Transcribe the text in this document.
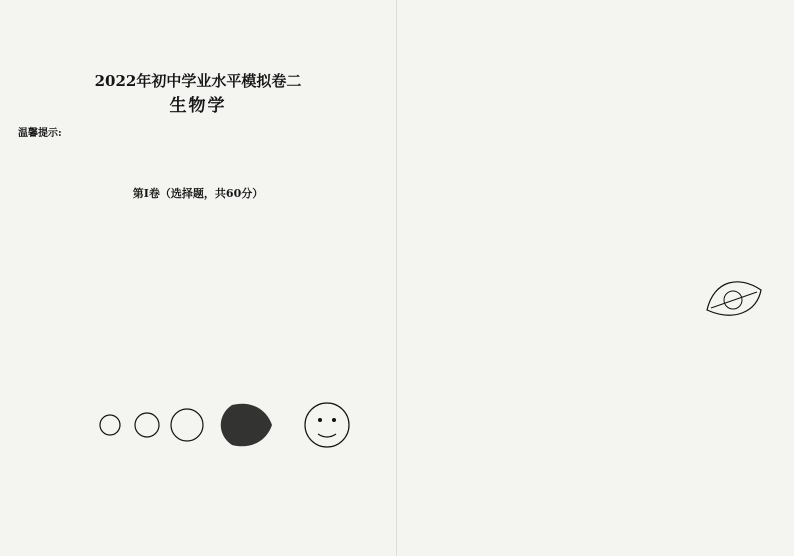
2022年初中学业水平模拟卷二
生物学
温馨提示:
第Ⅰ卷（选择题，共60分）
